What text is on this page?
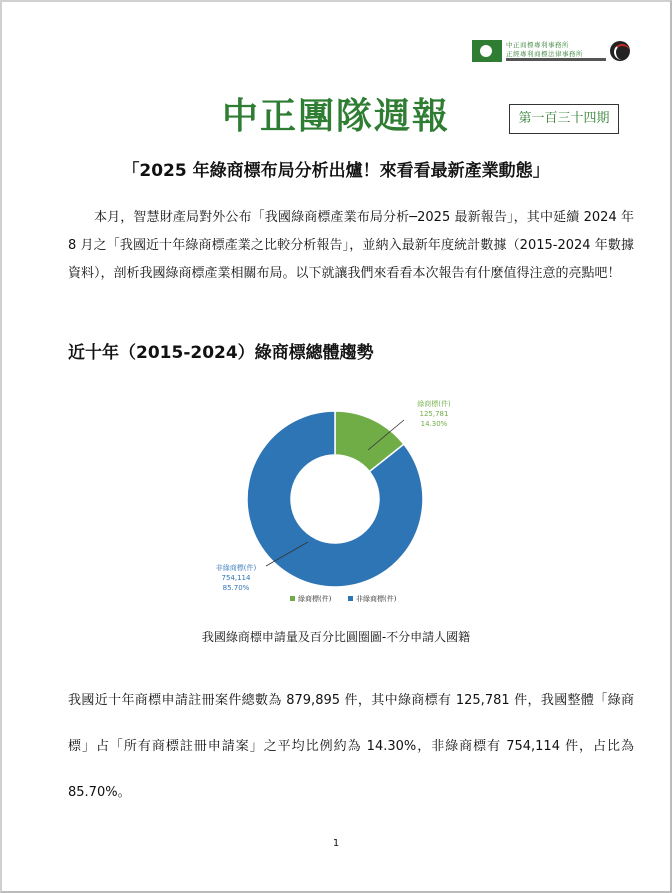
中正商標專利事務所
正經專利商標法律事務所
中正團隊週報	第一百三十四期
「2025 年綠商標布局分析出爐！來看看最新產業動態」
本月，智慧財產局對外公布「我國綠商標產業布局分析─2025 最新報告」，其中延續 2024 年 8 月之「我國近十年綠商標產業之比較分析報告」，並納入最新年度統計數據（2015-2024 年數據資料），剖析我國綠商標產業相關布局。以下就讓我們來看看本次報告有什麼值得注意的亮點吧！
近十年（2015-2024）綠商標總體趨勢
綠商標(件)
125,781
14.30%
非綠商標(件)
754,114
85.70%
綠商標(件)	非綠商標(件)
我國綠商標申請量及百分比圓圈圖-不分申請人國籍
我國近十年商標申請註冊案件總數為 879,895 件，其中綠商標有 125,781 件，我國整體「綠商標」占「所有商標註冊申請案」之平均比例約為 14.30%，非綠商標有 754,114 件，占比為 85.70%。
1
